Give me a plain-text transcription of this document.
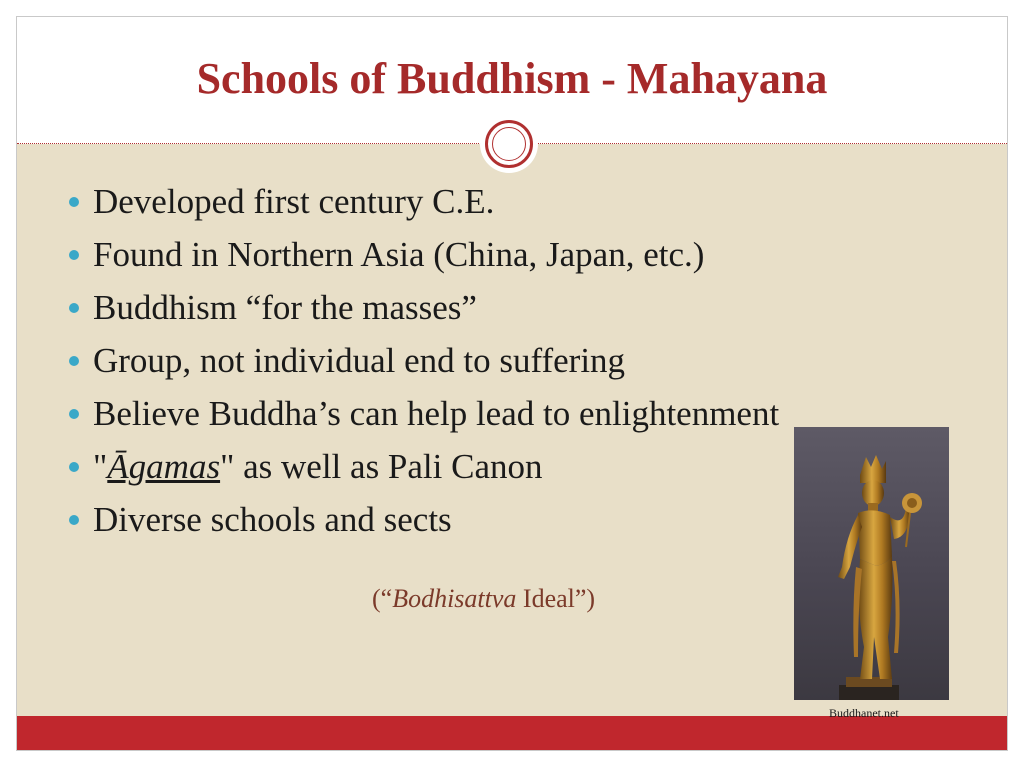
Schools of Buddhism - Mahayana
Developed first century C.E.
Found in Northern Asia (China, Japan, etc.)
Buddhism “for the masses”
Group, not individual end to suffering
Believe Buddha’s can help lead to enlightenment
"Āgamas" as well as Pali Canon
Diverse schools and sects
(“Bodhisattva Ideal”)
Buddhanet.net
